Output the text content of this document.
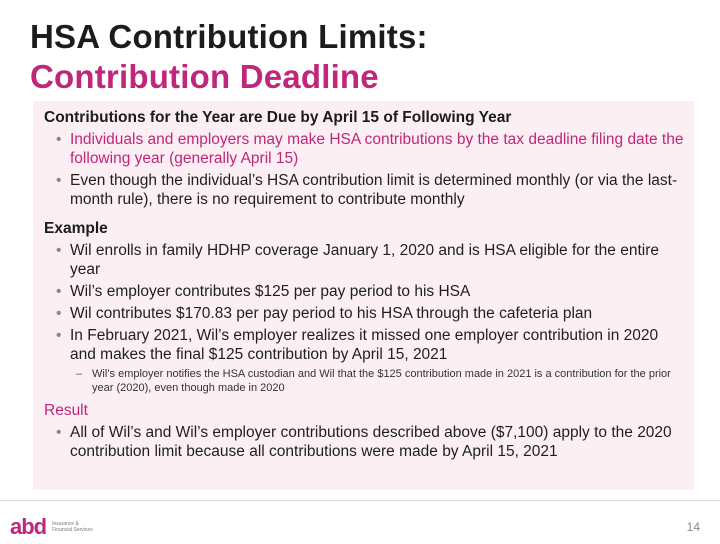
HSA Contribution Limits:
Contribution Deadline

Contributions for the Year are Due by April 15 of Following Year

• Individuals and employers may make HSA contributions by the tax deadline filing date the following year (generally April 15)
• Even though the individual’s HSA contribution limit is determined monthly (or via the last-month rule), there is no requirement to contribute monthly

Example

• Wil enrolls in family HDHP coverage January 1, 2020 and is HSA eligible for the entire year
• Wil’s employer contributes $125 per pay period to his HSA
• Wil contributes $170.83 per pay period to his HSA through the cafeteria plan
• In February 2021, Wil’s employer realizes it missed one employer contribution in 2020 and makes the final $125 contribution by April 15, 2021
– Wil’s employer notifies the HSA custodian and Wil that the $125 contribution made in 2021 is a contribution for the prior year (2020), even though made in 2020

Result

• All of Wil’s and Wil’s employer contributions described above ($7,100) apply to the 2020 contribution limit because all contributions were made by April 15, 2021
abd Insurance &
Financial Services	14
